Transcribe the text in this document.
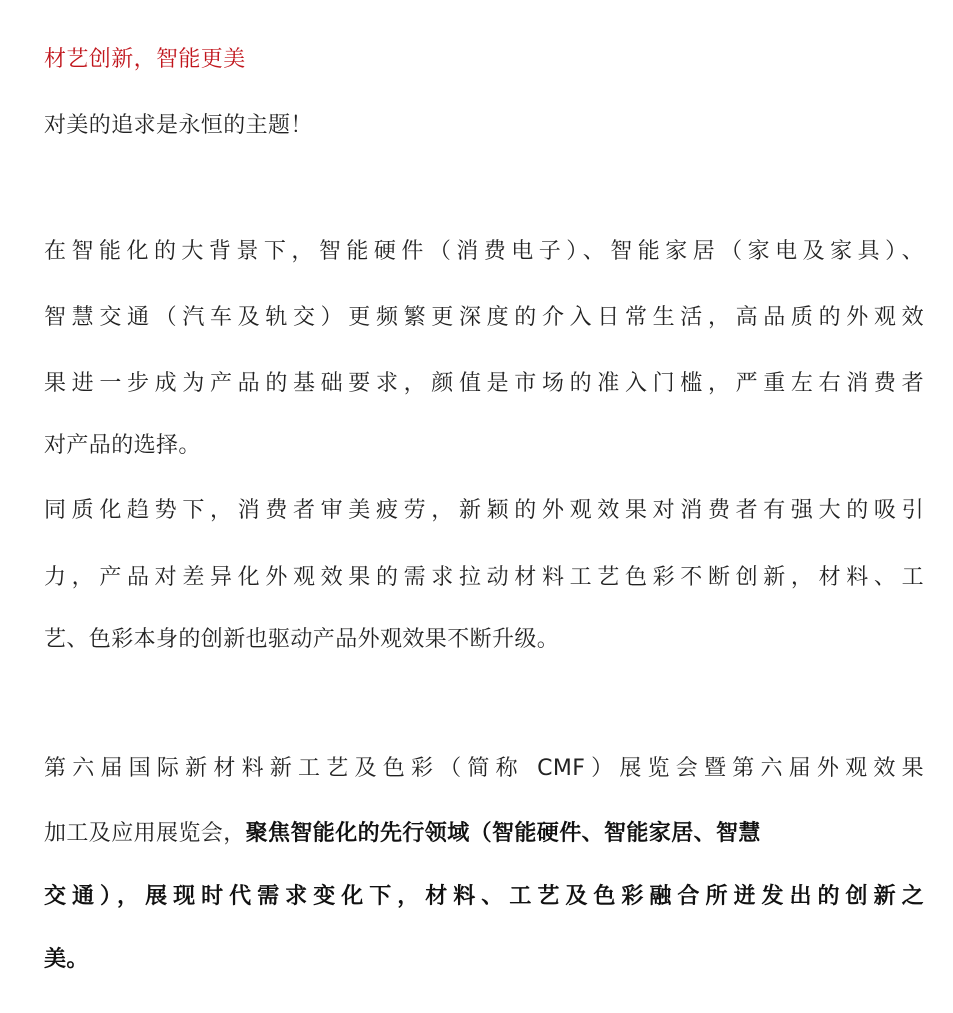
材艺创新，智能更美
对美的追求是永恒的主题！
在智能化的大背景下，智能硬件（消费电子）、智能家居（家电及家具）、
智慧交通（汽车及轨交）更频繁更深度的介入日常生活，高品质的外观效
果进一步成为产品的基础要求，颜值是市场的准入门槛，严重左右消费者
对产品的选择。
同质化趋势下，消费者审美疲劳，新颖的外观效果对消费者有强大的吸引
力，产品对差异化外观效果的需求拉动材料工艺色彩不断创新，材料、工
艺、色彩本身的创新也驱动产品外观效果不断升级。
第六届国际新材料新工艺及色彩（简称 CMF）展览会暨第六届外观效果
加工及应用展览会，聚焦智能化的先行领域（智能硬件、智能家居、智慧
交通），展现时代需求变化下，材料、工艺及色彩融合所迸发出的创新之
美。
